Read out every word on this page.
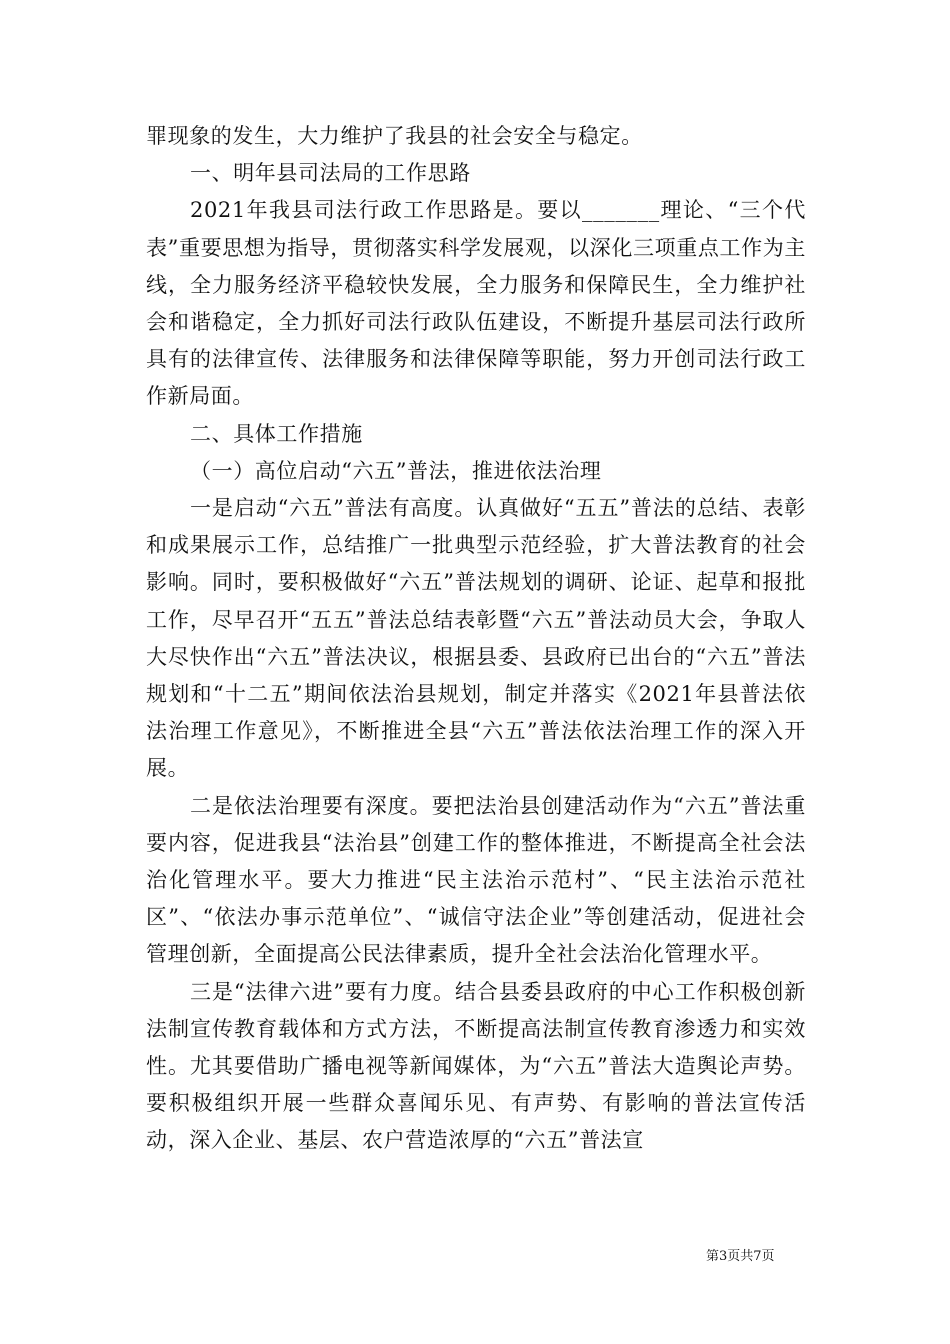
罪现象的发生，大力维护了我县的社会安全与稳定。

一、明年县司法局的工作思路

2021年我县司法行政工作思路是。要以_______理论、“三个代表”重要思想为指导，贯彻落实科学发展观，以深化三项重点工作为主线，全力服务经济平稳较快发展，全力服务和保障民生，全力维护社会和谐稳定，全力抓好司法行政队伍建设，不断提升基层司法行政所具有的法律宣传、法律服务和法律保障等职能，努力开创司法行政工作新局面。

二、具体工作措施

（一）高位启动“六五”普法，推进依法治理

一是启动“六五”普法有高度。认真做好“五五”普法的总结、表彰和成果展示工作，总结推广一批典型示范经验，扩大普法教育的社会影响。同时，要积极做好“六五”普法规划的调研、论证、起草和报批工作，尽早召开“五五”普法总结表彰暨“六五”普法动员大会，争取人大尽快作出“六五”普法决议，根据县委、县政府已出台的“六五”普法规划和“十二五”期间依法治县规划，制定并落实《2021年县普法依法治理工作意见》，不断推进全县“六五”普法依法治理工作的深入开展。

二是依法治理要有深度。要把法治县创建活动作为“六五”普法重要内容，促进我县“法治县”创建工作的整体推进，不断提高全社会法治化管理水平。要大力推进“民主法治示范村”、“民主法治示范社区”、“依法办事示范单位”、“诚信守法企业”等创建活动，促进社会管理创新，全面提高公民法律素质，提升全社会法治化管理水平。

三是“法律六进”要有力度。结合县委县政府的中心工作积极创新法制宣传教育载体和方式方法，不断提高法制宣传教育渗透力和实效性。尤其要借助广播电视等新闻媒体，为“六五”普法大造舆论声势。要积极组织开展一些群众喜闻乐见、有声势、有影响的普法宣传活动，深入企业、基层、农户营造浓厚的“六五”普法宣

第3页共7页
